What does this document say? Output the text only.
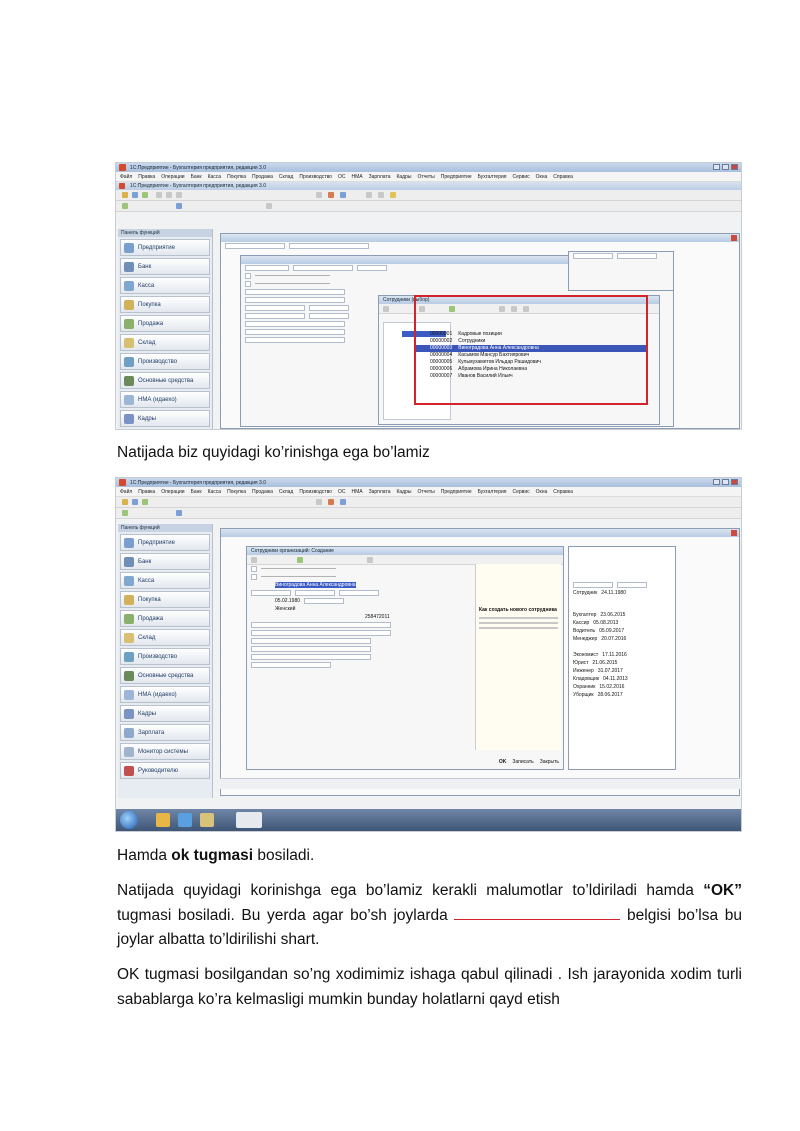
1С:Предприятие - Бухгалтерия предприятия, редакция 3.0
Файл Правка Операции Банк Касса Покупка Продажа Склад Производство ОС НМА Зарплата Кадры Отчеты Предприятие Бухгалтерия Сервис Окна Справка
1С:Предприятие - Бухгалтерия предприятия, редакция 3.0
Панель функций
Предприятие
Банк
Касса
Покупка
Продажа
Склад
Производство
Основные средства
НМА (идаехо)
Кадры
———————————————
———————————————
Сотрудники (выбор)
00000001 Кадровые позиции
00000002 Сотрудники
00000003 Виноградова Анна Александровна
00000004 Касымов Мансур Бахтиярович
00000005 Кульмухаметов Ильдар Рашидович
00000006 Абрамова Ирина Николаевна
00000007 Иванов Василий Ильич

Natijada biz quyidagi ko’rinishga ega bo’lamiz

1С:Предприятие - Бухгалтерия предприятия, редакция 3.0
Файл Правка Операции Банк Касса Покупка Продажа Склад Производство ОС НМА Зарплата Кадры Отчеты Предприятие Бухгалтерия Сервис Окна Справка
Панель функций
Предприятие
Банк
Касса
Покупка
Продажа
Склад
Производство
Основные средства
НМА (идаехо)
Кадры
Зарплата
Монитор системы
Руководителю
Сотрудники организаций: Создание
———————————————
———————————————
Виноградова Анна Александровна
05.02.1980
Женский
258472011
Как создать нового сотрудника
OK Записать Закрыть
Сотрудник 24.11.1980
Бухгалтер 23.06.2015
Кассир 05.08.2013
Водитель 05.09.2017
Менеджер 20.07.2016
Экономист 17.11.2016
Юрист 21.06.2015
Инженер 31.07.2017
Кладовщик 04.11.2013
Охранник 15.02.2016
Уборщик 28.06.2017

Hamda ok tugmasi bosiladi.

Natijada quyidagi korinishga ega bo’lamiz kerakli malumotlar to’ldiriladi hamda “OK” tugmasi bosiladi. Bu yerda agar bo’sh joylarda	belgisi bo’lsa bu joylar albatta to’ldirilishi shart.

OK tugmasi bosilgandan so’ng xodimimiz ishaga qabul qilinadi . Ish jarayonida xodim turli sabablarga ko’ra kelmasligi mumkin bunday holatlarni qayd etish
